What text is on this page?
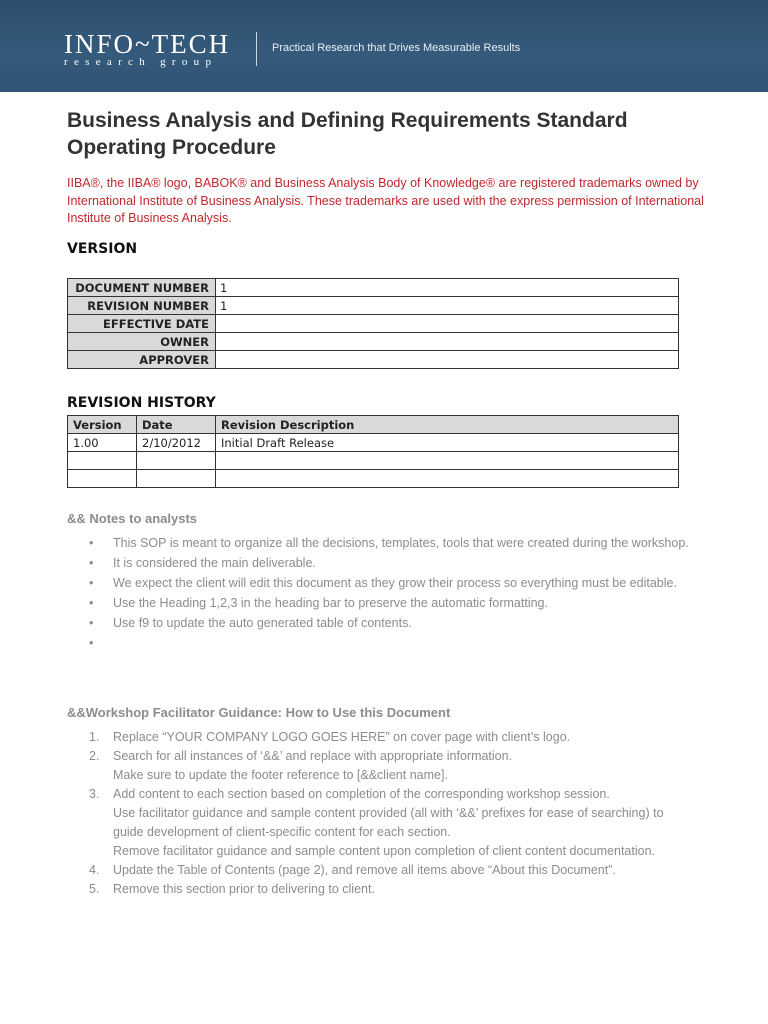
INFO~TECH
research group
Practical Research that Drives Measurable Results
Business Analysis and Defining Requirements Standard Operating Procedure

IIBA®, the IIBA® logo, BABOK® and Business Analysis Body of Knowledge® are registered trademarks owned by International Institute of Business Analysis. These trademarks are used with the express permission of International Institute of Business Analysis.

VERSION
DOCUMENT NUMBER	1
REVISION NUMBER	1
EFFECTIVE DATE	
OWNER	
APPROVER	
REVISION HISTORY
Version	Date	Revision Description
1.00	2/10/2012	Initial Draft Release

&& Notes to analysts
• This SOP is meant to organize all the decisions, templates, tools that were created during the workshop.
• It is considered the main deliverable.
• We expect the client will edit this document as they grow their process so everything must be editable.
• Use the Heading 1,2,3 in the heading bar to preserve the automatic formatting.
• Use f9 to update the auto generated table of contents.
•
&&Workshop Facilitator Guidance: How to Use this Document
1. Replace “YOUR COMPANY LOGO GOES HERE” on cover page with client’s logo.
2. Search for all instances of ‘&&’ and replace with appropriate information.
Make sure to update the footer reference to [&&client name].
3. Add content to each section based on completion of the corresponding workshop session.
Use facilitator guidance and sample content provided (all with ‘&&’ prefixes for ease of searching) to guide development of client-specific content for each section.
Remove facilitator guidance and sample content upon completion of client content documentation.
4. Update the Table of Contents (page 2), and remove all items above “About this Document”.
5. Remove this section prior to delivering to client.
